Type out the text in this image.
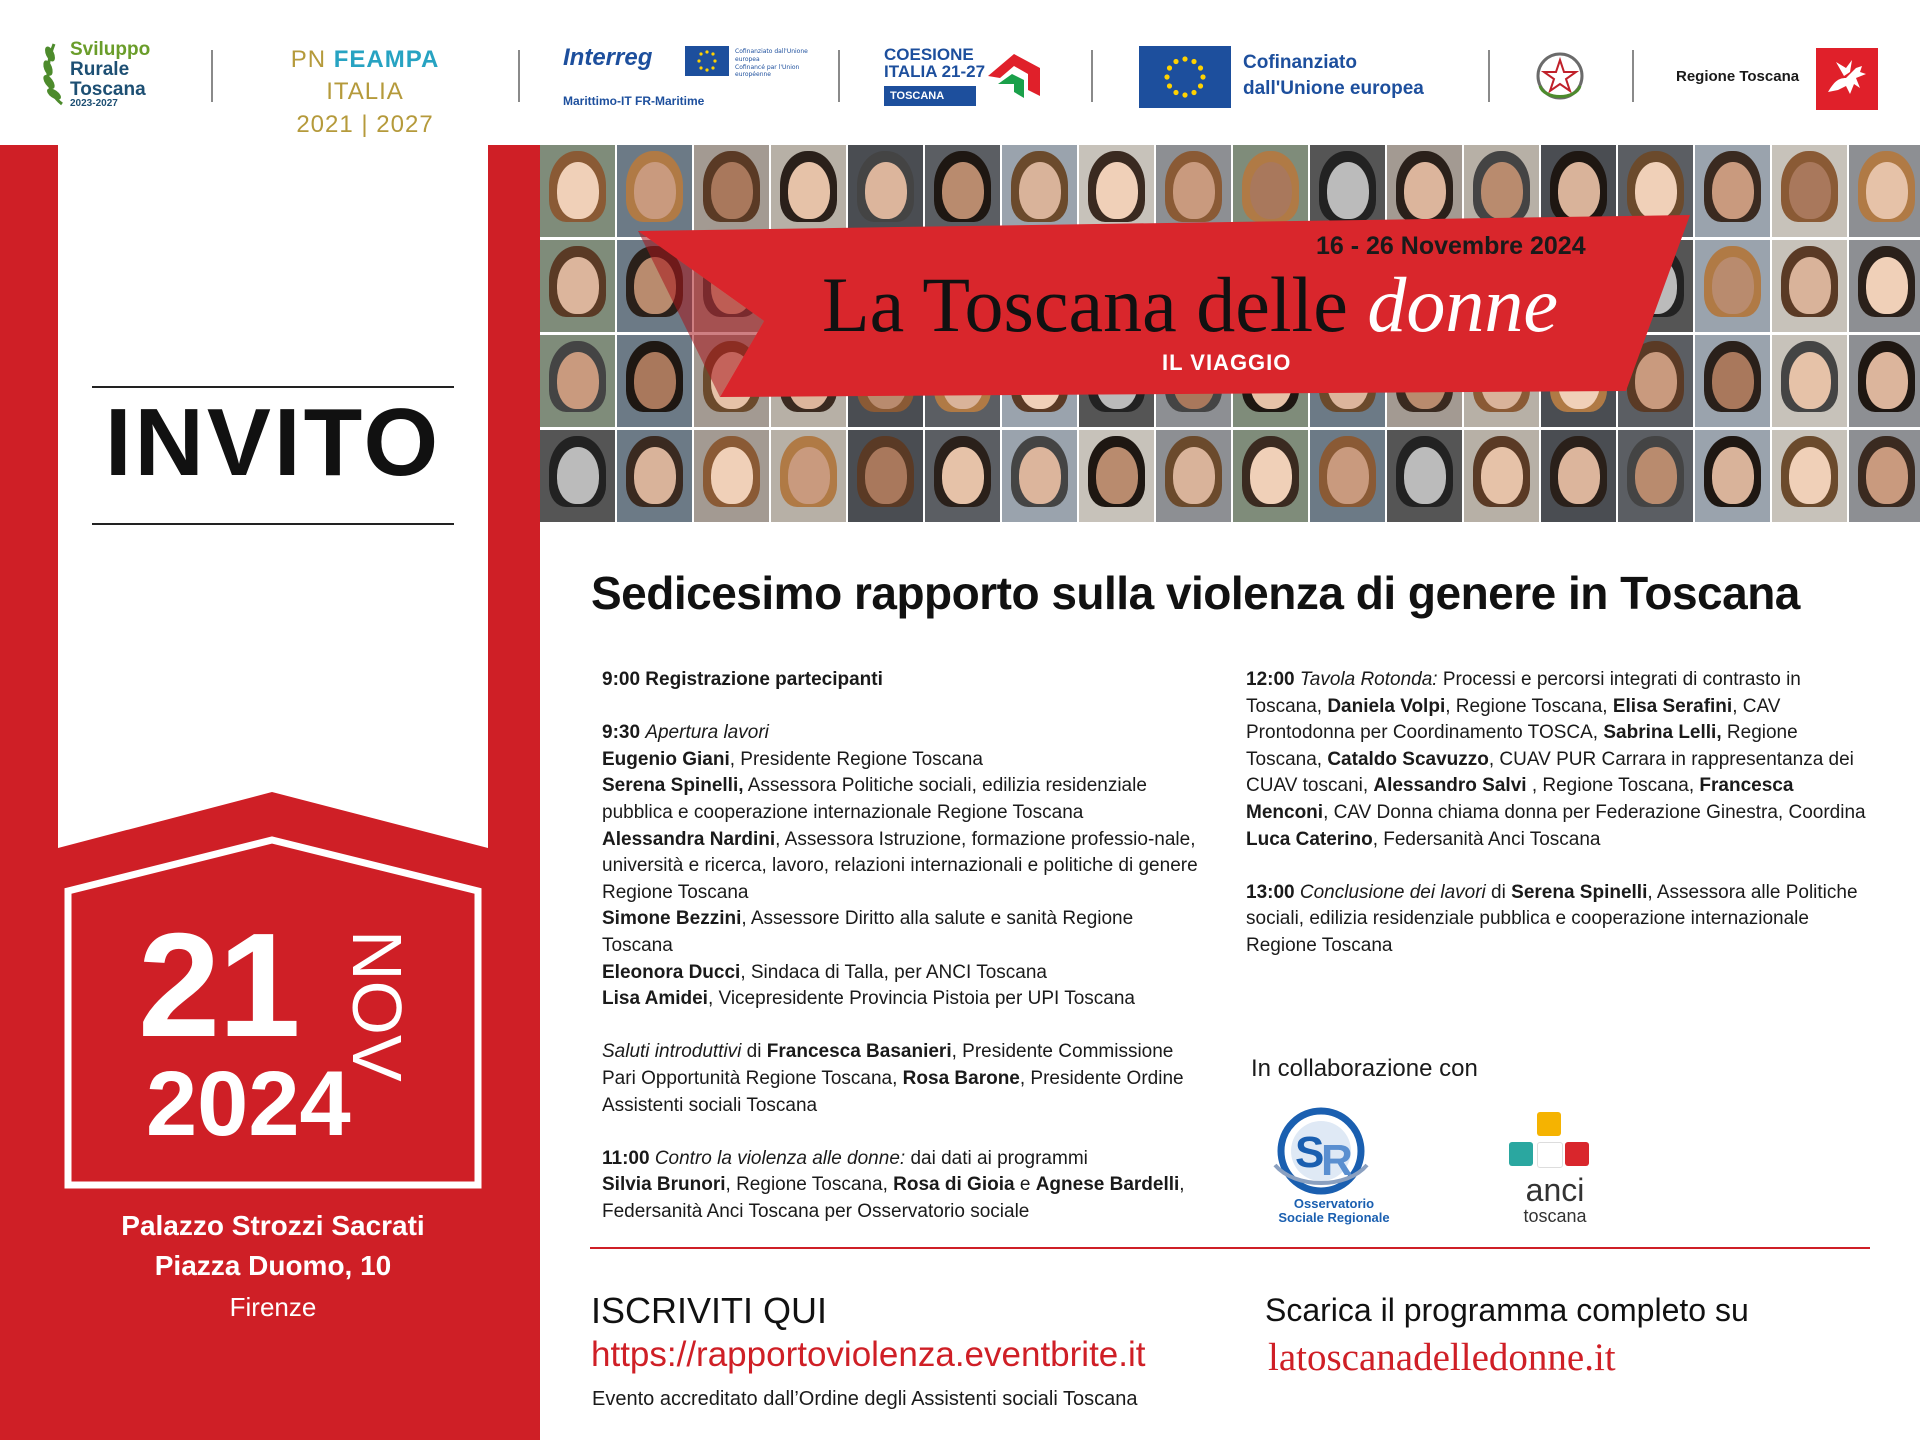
Sviluppo
Rurale
Toscana
2023-2027
PN FEAMPA ITALIA
2021 | 2027
Interreg	Cofinanziato dall'Unione europea
Cofinancé par l'Union européenne
Marittimo-IT FR-Maritime
COESIONE
ITALIA 21-27
TOSCANA
Cofinanziato
dall'Unione europea
Regione Toscana
INVITO
21 NOV
2024
Palazzo Strozzi Sacrati
Piazza Duomo, 10
Firenze
16 - 26 Novembre 2024
La Toscana delle donne
IL VIAGGIO
Sedicesimo rapporto sulla violenza di genere in Toscana

9:00 Registrazione partecipanti

9:30 Apertura lavori
Eugenio Giani, Presidente Regione Toscana
Serena Spinelli, Assessora Politiche sociali, edilizia residenziale pubblica e cooperazione internazionale Regione Toscana
Alessandra Nardini, Assessora Istruzione, formazione professio-nale, università e ricerca, lavoro, relazioni internazionali e politiche di genere Regione Toscana
Simone Bezzini, Assessore Diritto alla salute e sanità Regione Toscana
Eleonora Ducci, Sindaca di Talla, per ANCI Toscana
Lisa Amidei, Vicepresidente Provincia Pistoia per UPI Toscana

Saluti introduttivi di Francesca Basanieri, Presidente Commissione Pari Opportunità Regione Toscana, Rosa Barone, Presidente Ordine Assistenti sociali Toscana

11:00 Contro la violenza alle donne: dai dati ai programmi
Silvia Brunori, Regione Toscana, Rosa di Gioia e Agnese Bardelli, Federsanità Anci Toscana per Osservatorio sociale

12:00 Tavola Rotonda: Processi e percorsi integrati di contrasto in Toscana, Daniela Volpi, Regione Toscana, Elisa Serafini, CAV Prontodonna per Coordinamento TOSCA, Sabrina Lelli, Regione Toscana, Cataldo Scavuzzo, CUAV PUR Carrara in rappresentanza dei CUAV toscani, Alessandro Salvi , Regione Toscana, Francesca Menconi, CAV Donna chiama donna per Federazione Ginestra, Coordina Luca Caterino, Federsanità Anci Toscana

13:00 Conclusione dei lavori di Serena Spinelli, Assessora alle Politiche sociali, edilizia residenziale pubblica e cooperazione internazionale Regione Toscana

In collaborazione con
S
R
Osservatorio
Sociale Regionale
anci
toscana
ISCRIVITI QUI
https://rapportoviolenza.eventbrite.it
Evento accreditato dall’Ordine degli Assistenti sociali Toscana
Scarica il programma completo su
latoscanadelledonne.it
